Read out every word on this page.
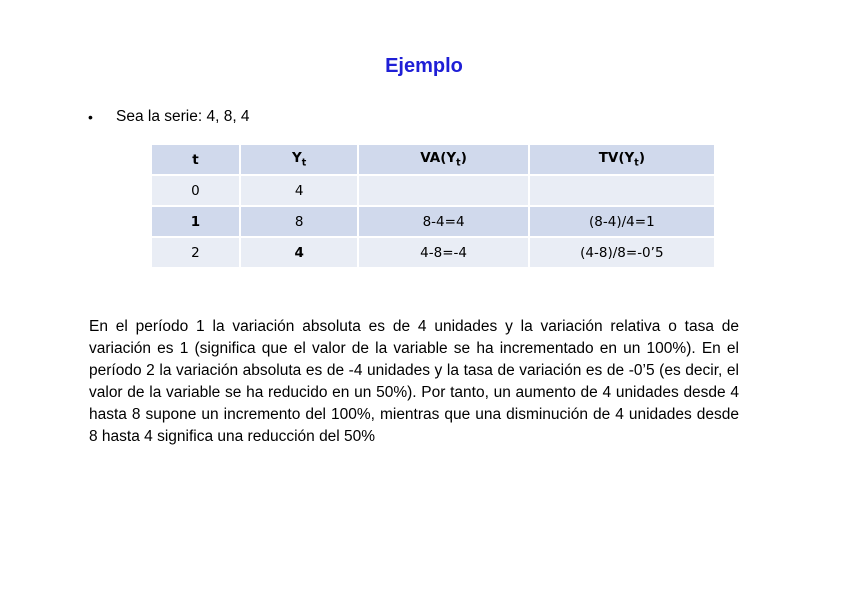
Ejemplo
•	Sea la serie: 4, 8, 4
t	$Y_t$	$VA(Y_t)$	$TV(Y_t)$
0	4		
1	8	8-4=4	(8-4)/4=1
2	4	4-8=-4	(4-8)/8=-0’5

En el período 1 la variación absoluta es de 4 unidades y la variación relativa o tasa de variación es 1 (significa que el valor de la variable se ha incrementado en un 100%). En el período 2 la variación absoluta es de -4 unidades y la tasa de variación es de -0’5 (es decir, el valor de la variable se ha reducido en un 50%). Por tanto, un aumento de 4 unidades desde 4 hasta 8 supone un incremento del 100%, mientras que una disminución de 4 unidades desde 8 hasta 4 significa una reducción del 50%
